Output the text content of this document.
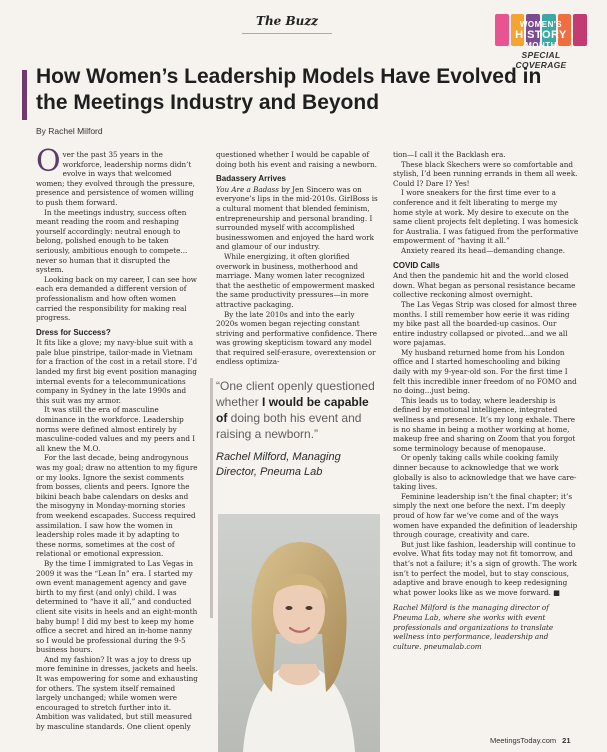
The Buzz	WOMEN'S
HISTORY
MONTH
SPECIAL COVERAGE
How Women’s Leadership Models Have Evolved in the Meetings Industry and Beyond
By Rachel Milford

Over the past 35 years in the workforce, leadership norms didn’t evolve in ways that welcomed women; they evolved through the pressure, presence and persistence of women willing to push them forward.

In the meetings industry, success often meant reading the room and reshaping yourself accordingly: neutral enough to belong, polished enough to be taken seriously, ambitious enough to compete... never so human that it disrupted the system.

Looking back on my career, I can see how each era demanded a different version of professionalism and how often women carried the responsibility for making real progress.

Dress for Success?

It fits like a glove; my navy-blue suit with a pale blue pinstripe, tailor-made in Vietnam for a fraction of the cost in a retail store. I’d landed my first big event position managing internal events for a telecommunications company in Sydney in the late 1990s and this suit was my armor.

It was still the era of masculine dominance in the workforce. Leadership norms were defined almost entirely by masculine-coded values and my peers and I all knew the M.O.

For the last decade, being androgynous was my goal; draw no attention to my figure or my looks. Ignore the sexist comments from bosses, clients and peers. Ignore the bikini beach babe calendars on desks and the misogyny in Monday-morning stories from weekend escapades. Success required assimilation. I saw how the women in leadership roles made it by adapting to these norms, sometimes at the cost of relational or emotional expression.

By the time I immigrated to Las Vegas in 2009 it was the “Lean In” era. I started my own event management agency and gave birth to my first (and only) child. I was determined to “have it all,” and conducted client site visits in heels and an eight-month baby bump! I did my best to keep my home office a secret and hired an in-home nanny so I would be professional during the 9-5 business hours.

And my fashion? It was a joy to dress up more feminine in dresses, jackets and heels. It was empowering for some and exhausting for others. The system itself remained largely unchanged; while women were encouraged to stretch further into it. Ambition was validated, but still measured by masculine standards. One client openly

questioned whether I would be capable of doing both his event and raising a newborn.

Badassery Arrives

You Are a Badass by Jen Sincero was on everyone’s lips in the mid-2010s. GirlBoss is a cultural moment that blended feminism, entrepreneurship and personal branding. I surrounded myself with accomplished businesswomen and enjoyed the hard work and glamour of our industry.

While energizing, it often glorified overwork in business, motherhood and marriage. Many women later recognized that the aesthetic of empowerment masked the same productivity pressures—in more attractive packaging.

By the late 2010s and into the early 2020s women began rejecting constant striving and performative confidence. There was growing skepticism toward any model that required self-erasure, overextension or endless optimiza-

“One client openly questioned whether I would be capable of doing both his event and raising a newborn.”
Rachel Milford, Managing Director, Pneuma Lab

tion—I call it the Backlash era.

These black Skechers were so comfortable and stylish, I’d been running errands in them all week. Could I? Dare I? Yes!

I wore sneakers for the first time ever to a conference and it felt liberating to merge my home style at work. My desire to execute on the same client projects felt depleting. I was homesick for Australia. I was fatigued from the performative empowerment of “having it all.”

Anxiety reared its head—demanding change.

COVID Calls

And then the pandemic hit and the world closed down. What began as personal resistance became collective reckoning almost overnight.

The Las Vegas Strip was closed for almost three months. I still remember how eerie it was riding my bike past all the boarded-up casinos. Our entire industry collapsed or pivoted...and we all wore pajamas.

My husband returned home from his London office and I started homeschooling and biking daily with my 9-year-old son. For the first time I felt this incredible inner freedom of no FOMO and no doing...just being.

This leads us to today, where leadership is defined by emotional intelligence, integrated wellness and presence. It’s my long exhale. There is no shame in being a mother working at home, makeup free and sharing on Zoom that you forgot some terminology because of menopause.

Or openly taking calls while cooking family dinner because to acknowledge that we work globally is also to acknowledge that we have care-taking lives.

Feminine leadership isn’t the final chapter; it’s simply the next one before the next. I’m deeply proud of how far we’ve come and of the ways women have expanded the definition of leadership through courage, creativity and care.

But just like fashion, leadership will continue to evolve. What fits today may not fit tomorrow, and that’s not a failure; it’s a sign of growth. The work isn’t to perfect the model, but to stay conscious, adaptive and brave enough to keep redesigning what power looks like as we move forward. ■

Rachel Milford is the managing director of Pneuma Lab, where she works with event professionals and organizations to translate wellness into performance, leadership and culture. pneumalab.com

MeetingsToday.com 21
